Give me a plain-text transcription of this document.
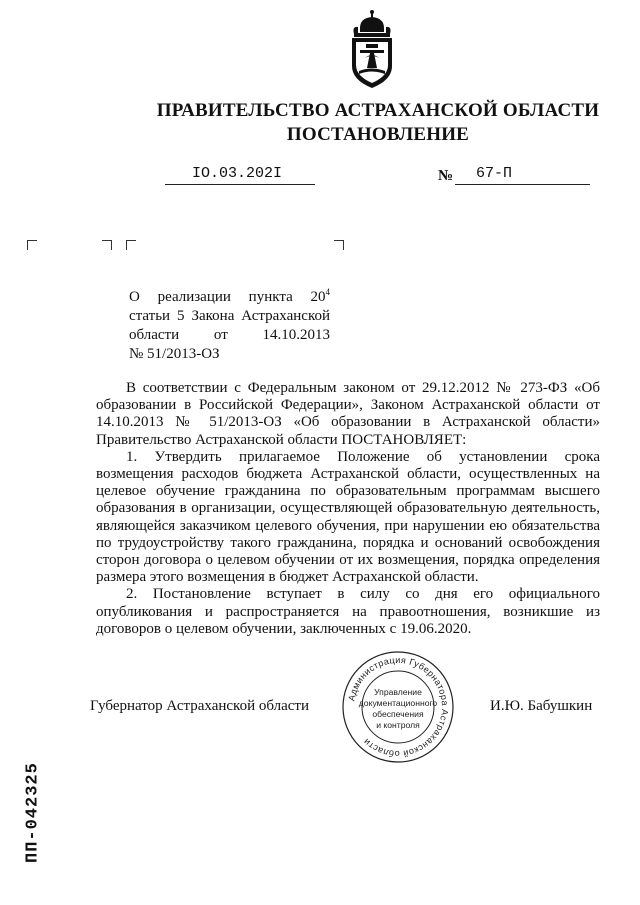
ПРАВИТЕЛЬСТВО АСТРАХАНСКОЙ ОБЛАСТИ
ПОСТАНОВЛЕНИЕ
IO.03.202I	№ 67-П

О реализации пункта $20^4$

статьи 5 Закона Астраханской области от 14.10.2013

№ 51/2013-ОЗ

В соответствии с Федеральным законом от 29.12.2012 № 273-ФЗ «Об образовании в Российской Федерации», Законом Астраханской области от 14.10.2013 № 51/2013-ОЗ «Об образовании в Астраханской области» Правительство Астраханской области ПОСТАНОВЛЯЕТ:

1. Утвердить прилагаемое Положение об установлении срока возмещения расходов бюджета Астраханской области, осуществленных на целевое обучение гражданина по образовательным программам высшего образования в организации, осуществляющей образовательную деятельность, являющейся заказчиком целевого обучения, при нарушении ею обязательства по трудоустройству такого гражданина, порядка и оснований освобождения сторон договора о целевом обучении от их возмещения, порядка определения размера этого возмещения в бюджет Астраханской области.

2. Постановление вступает в силу со дня его официального опубликования и распространяется на правоотношения, возникшие из договоров о целевом обучении, заключенных с 19.06.2020.

Губернатор Астраханской области	И.Ю. Бабушкин
Администрация Губернатора Астраханской области
Управление
документационного
обеспечения
и контроля
ПП-042325
